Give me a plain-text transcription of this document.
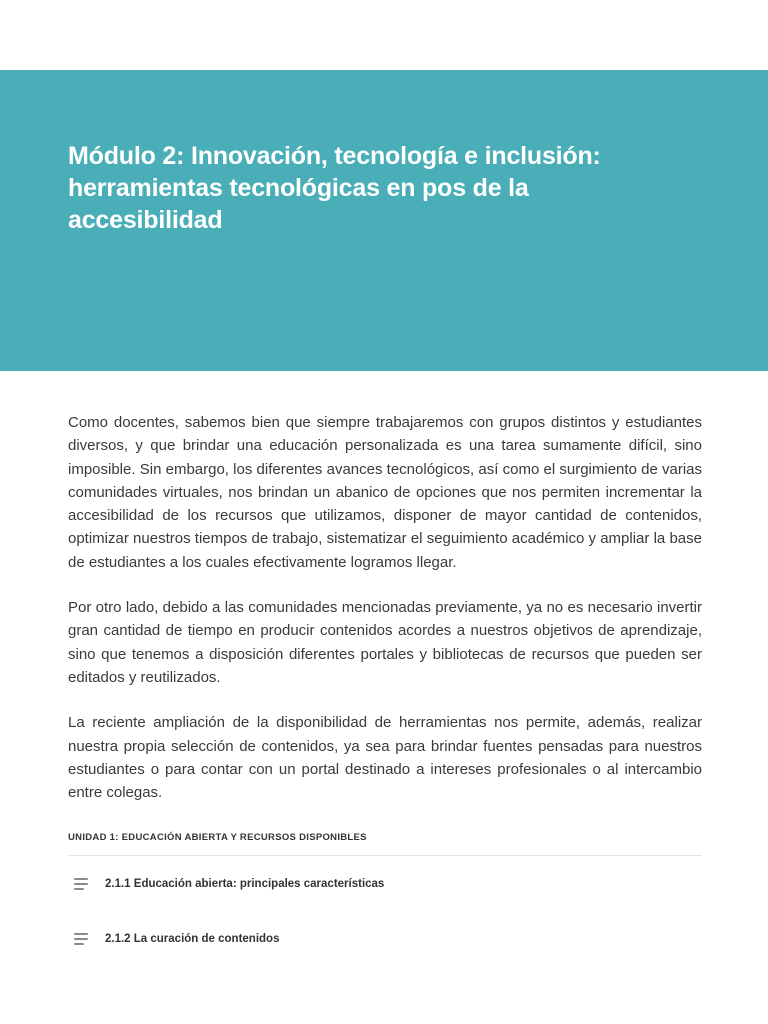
Módulo 2: Innovación, tecnología e inclusión: herramientas tecnológicas en pos de la accesibilidad

Como docentes, sabemos bien que siempre trabajaremos con grupos distintos y estudiantes diversos, y que brindar una educación personalizada es una tarea sumamente difícil, sino imposible. Sin embargo, los diferentes avances tecnológicos, así como el surgimiento de varias comunidades virtuales, nos brindan un abanico de opciones que nos permiten incrementar la accesibilidad de los recursos que utilizamos, disponer de mayor cantidad de contenidos, optimizar nuestros tiempos de trabajo, sistematizar el seguimiento académico y ampliar la base de estudiantes a los cuales efectivamente logramos llegar.

Por otro lado, debido a las comunidades mencionadas previamente, ya no es necesario invertir gran cantidad de tiempo en producir contenidos acordes a nuestros objetivos de aprendizaje, sino que tenemos a disposición diferentes portales y bibliotecas de recursos que pueden ser editados y reutilizados.

La reciente ampliación de la disponibilidad de herramientas nos permite, además, realizar nuestra propia selección de contenidos, ya sea para brindar fuentes pensadas para nuestros estudiantes o para contar con un portal destinado a intereses profesionales o al intercambio entre colegas.

UNIDAD 1: EDUCACIÓN ABIERTA Y RECURSOS DISPONIBLES
2.1.1 Educación abierta: principales características
2.1.2 La curación de contenidos
